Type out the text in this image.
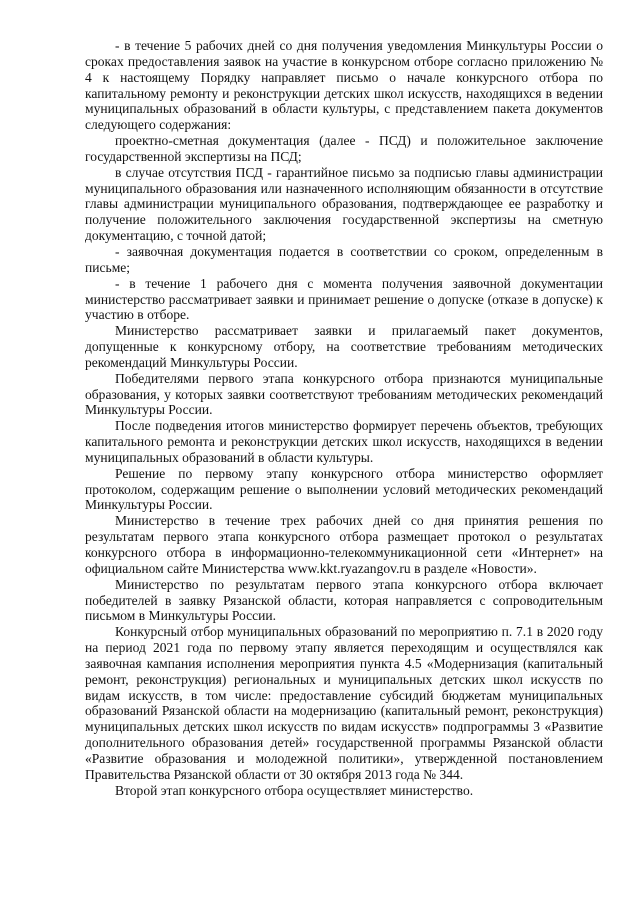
- в течение 5 рабочих дней со дня получения уведомления Минкультуры России о сроках предоставления заявок на участие в конкурсном отборе согласно приложению № 4 к настоящему Порядку направляет письмо о начале конкурсного отбора по капитальному ремонту и реконструкции детских школ искусств, находящихся в ведении муниципальных образований в области культуры, с представлением пакета документов следующего содержания:

проектно-сметная документация (далее - ПСД) и положительное заключение государственной экспертизы на ПСД;

в случае отсутствия ПСД - гарантийное письмо за подписью главы администрации муниципального образования или назначенного исполняющим обязанности в отсутствие главы администрации муниципального образования, подтверждающее ее разработку и получение положительного заключения государственной экспертизы на сметную документацию, с точной датой;

- заявочная документация подается в соответствии со сроком, определенным в письме;

- в течение 1 рабочего дня с момента получения заявочной документации министерство рассматривает заявки и принимает решение о допуске (отказе в допуске) к участию в отборе.

Министерство рассматривает заявки и прилагаемый пакет документов, допущенные к конкурсному отбору, на соответствие требованиям методических рекомендаций Минкультуры России.

Победителями первого этапа конкурсного отбора признаются муниципальные образования, у которых заявки соответствуют требованиям методических рекомендаций Минкультуры России.

После подведения итогов министерство формирует перечень объектов, требующих капитального ремонта и реконструкции детских школ искусств, находящихся в ведении муниципальных образований в области культуры.

Решение по первому этапу конкурсного отбора министерство оформляет протоколом, содержащим решение о выполнении условий методических рекомендаций Минкультуры России.

Министерство в течение трех рабочих дней со дня принятия решения по результатам первого этапа конкурсного отбора размещает протокол о результатах конкурсного отбора в информационно-телекоммуникационной сети «Интернет» на официальном сайте Министерства www.kkt.ryazangov.ru в разделе «Новости».

Министерство по результатам первого этапа конкурсного отбора включает победителей в заявку Рязанской области, которая направляется с сопроводительным письмом в Минкультуры России.

Конкурсный отбор муниципальных образований по мероприятию п. 7.1 в 2020 году на период 2021 года по первому этапу является переходящим и осуществлялся как заявочная кампания исполнения мероприятия пункта 4.5 «Модернизация (капитальный ремонт, реконструкция) региональных и муниципальных детских школ искусств по видам искусств, в том числе: предоставление субсидий бюджетам муниципальных образований Рязанской области на модернизацию (капитальный ремонт, реконструкция) муниципальных детских школ искусств по видам искусств» подпрограммы 3 «Развитие дополнительного образования детей» государственной программы Рязанской области «Развитие образования и молодежной политики», утвержденной постановлением Правительства Рязанской области от 30 октября 2013 года № 344.

Второй этап конкурсного отбора осуществляет министерство.
